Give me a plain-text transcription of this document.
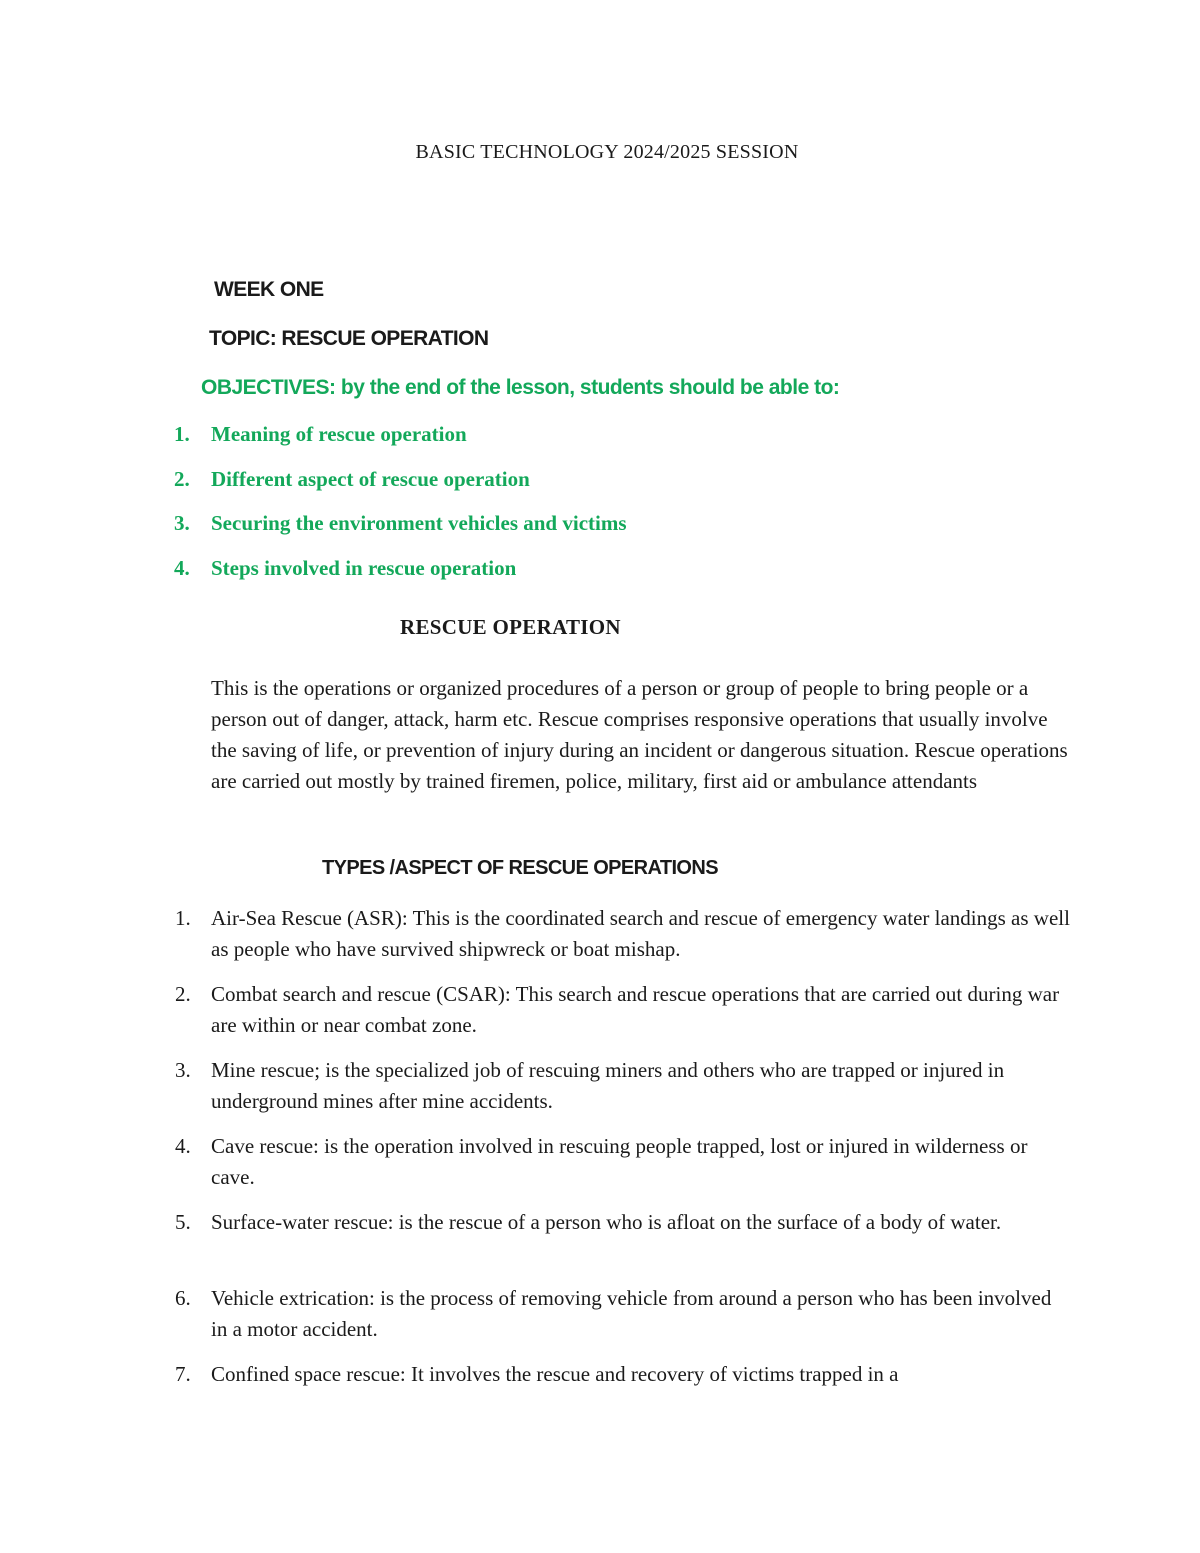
BASIC TECHNOLOGY 2024/2025 SESSION
WEEK ONE
TOPIC: RESCUE OPERATION
OBJECTIVES: by the end of the lesson, students should be able to:
1. Meaning of rescue operation
2. Different aspect of rescue operation
3. Securing the environment vehicles and victims
4. Steps involved in rescue operation
RESCUE OPERATION

This is the operations or organized procedures of a person or group of people to bring people or a person out of danger, attack, harm etc. Rescue comprises responsive operations that usually involve the saving of life, or prevention of injury during an incident or dangerous situation. Rescue operations are carried out mostly by trained firemen, police, military, first aid or ambulance attendants

TYPES /ASPECT OF RESCUE OPERATIONS
1. Air-Sea Rescue (ASR): This is the coordinated search and rescue of emergency water landings as well as people who have survived shipwreck or boat mishap.
2. Combat search and rescue (CSAR): This search and rescue operations that are carried out during war are within or near combat zone.
3. Mine rescue; is the specialized job of rescuing miners and others who are trapped or injured in underground mines after mine accidents.
4. Cave rescue: is the operation involved in rescuing people trapped, lost or injured in wilderness or cave.
5. Surface-water rescue: is the rescue of a person who is afloat on the surface of a body of water.
6. Vehicle extrication: is the process of removing vehicle from around a person who has been involved in a motor accident.
7. Confined space rescue: It involves the rescue and recovery of victims trapped in a
